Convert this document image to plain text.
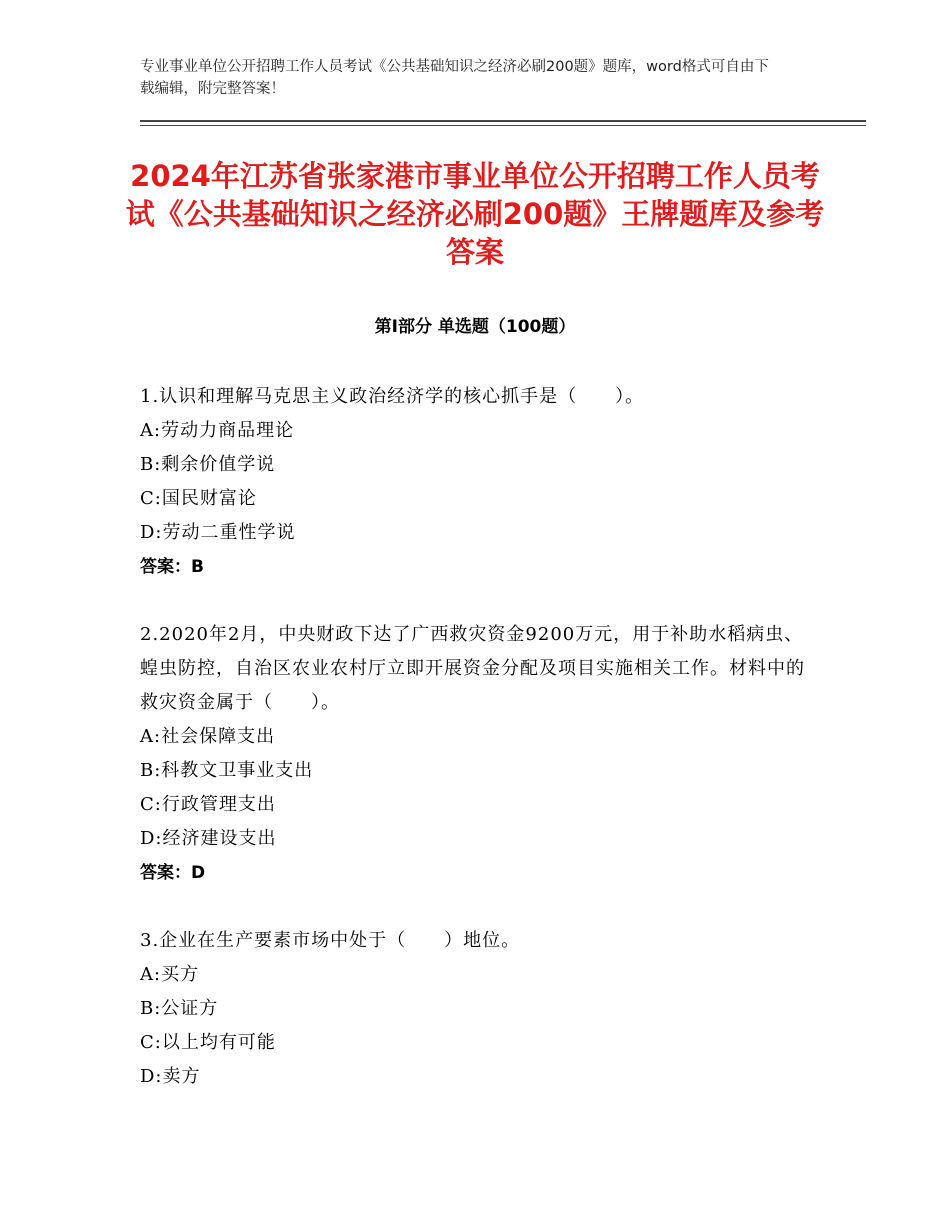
专业事业单位公开招聘工作人员考试《公共基础知识之经济必刷200题》题库，word格式可自由下载编辑，附完整答案！
2024年江苏省张家港市事业单位公开招聘工作人员考试《公共基础知识之经济必刷200题》王牌题库及参考答案
第Ⅰ部分 单选题（100题）
1.认识和理解马克思主义政治经济学的核心抓手是（　　）。
A:劳动力商品理论
B:剩余价值学说
C:国民财富论
D:劳动二重性学说
答案：B
2.2020年2月，中央财政下达了广西救灾资金9200万元，用于补助水稻病虫、蝗虫防控，自治区农业农村厅立即开展资金分配及项目实施相关工作。材料中的救灾资金属于（　　）。
A:社会保障支出
B:科教文卫事业支出
C:行政管理支出
D:经济建设支出
答案：D
3.企业在生产要素市场中处于（　　）地位。
A:买方
B:公证方
C:以上均有可能
D:卖方
